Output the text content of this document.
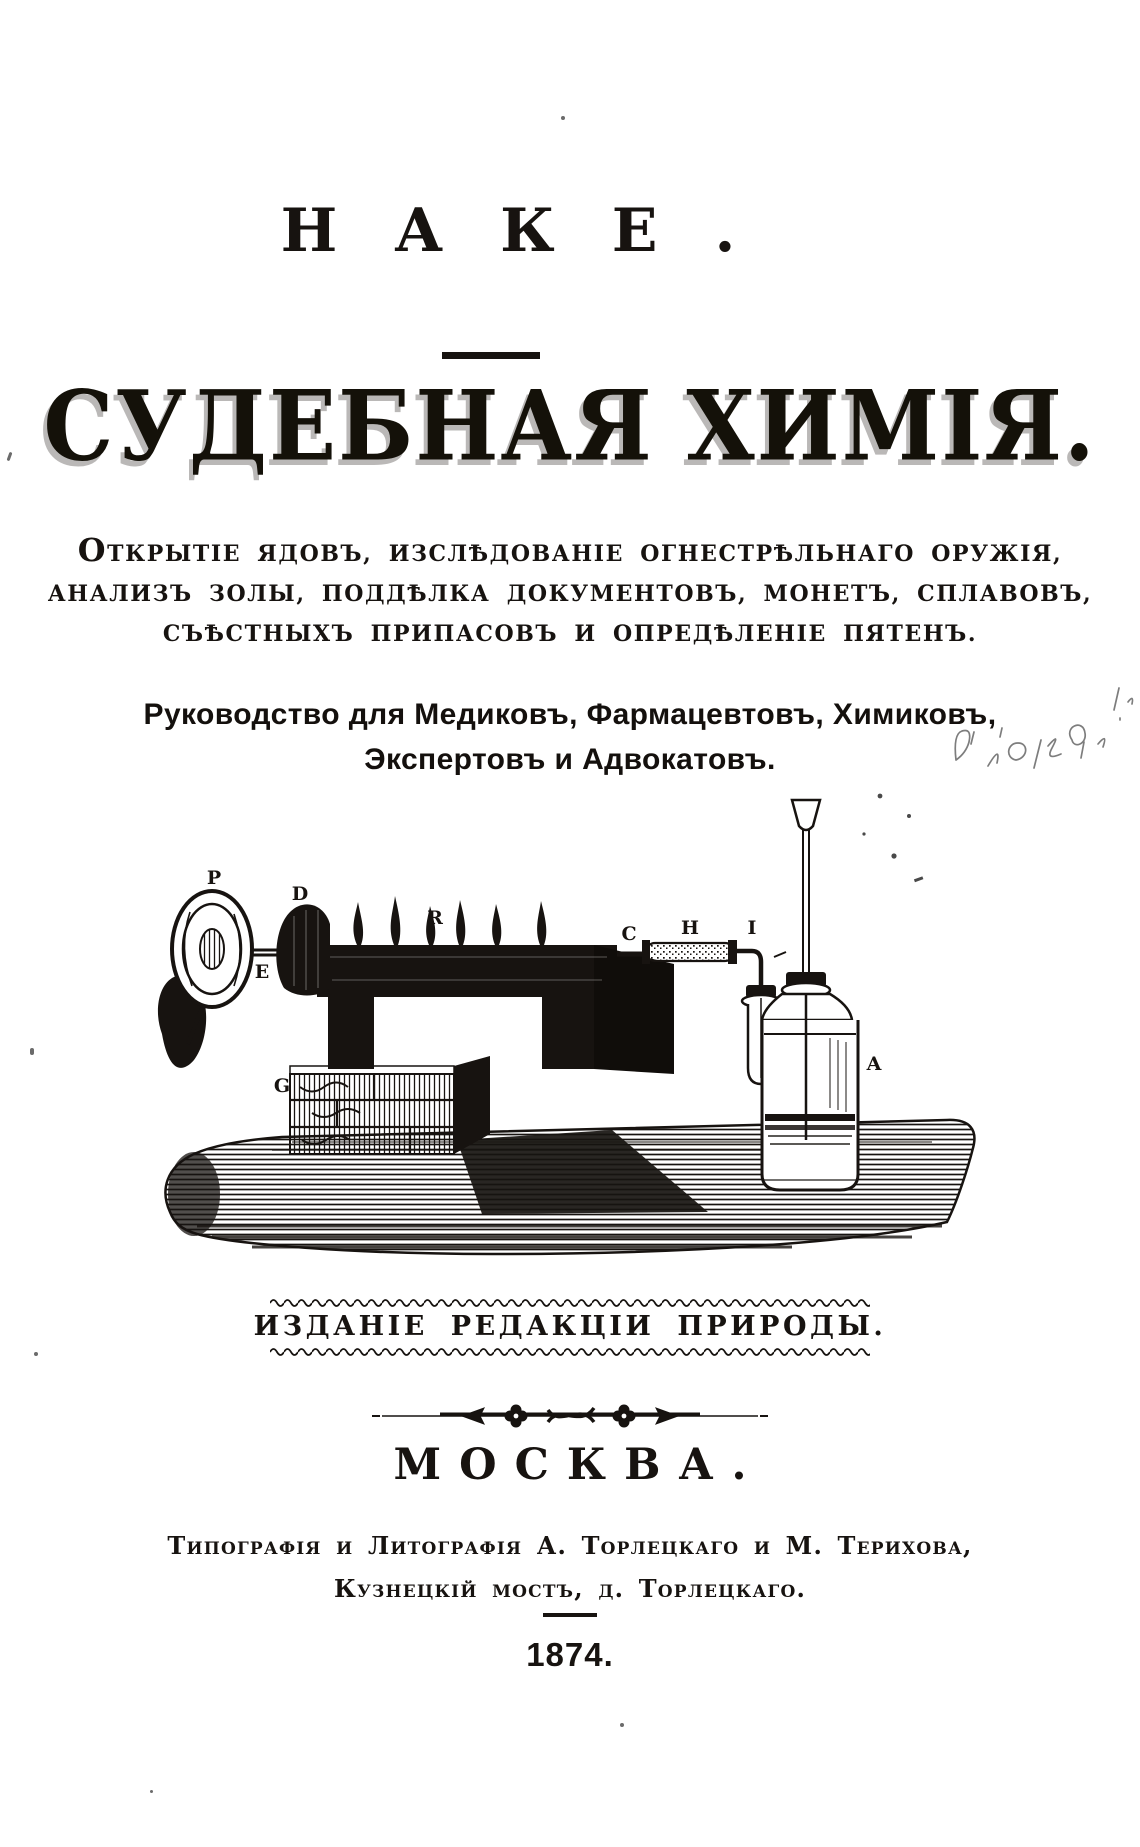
НАКЕ.
СУДЕБНАЯ ХИМІЯ.
ОТКРЫТІЕ ЯДОВЪ, ИЗСЛѢДОВАНІЕ ОГНЕСТРѢЛЬНАГО ОРУЖІЯ,
АНАЛИЗЪ ЗОЛЫ, ПОДДѢЛКА ДОКУМЕНТОВЪ, МОНЕТЪ, СПЛАВОВЪ,
СЪѢСТНЫХЪ ПРИПАСОВЪ И ОПРЕДѢЛЕНІЕ ПЯТЕНЪ.
Руководство для Медиковъ, Фармацевтовъ, Химиковъ,
Экспертовъ и Адвокатовъ.
P
D
E
R
C H	I
G
A
ИЗДАНІЕ РЕДАКЦІИ ПРИРОДЫ.
МОСКВА.
Типографія и Литографія А. Торлецкаго и М. Терихова,
Кузнецкій мостъ, д. Торлецкаго.
1874.
